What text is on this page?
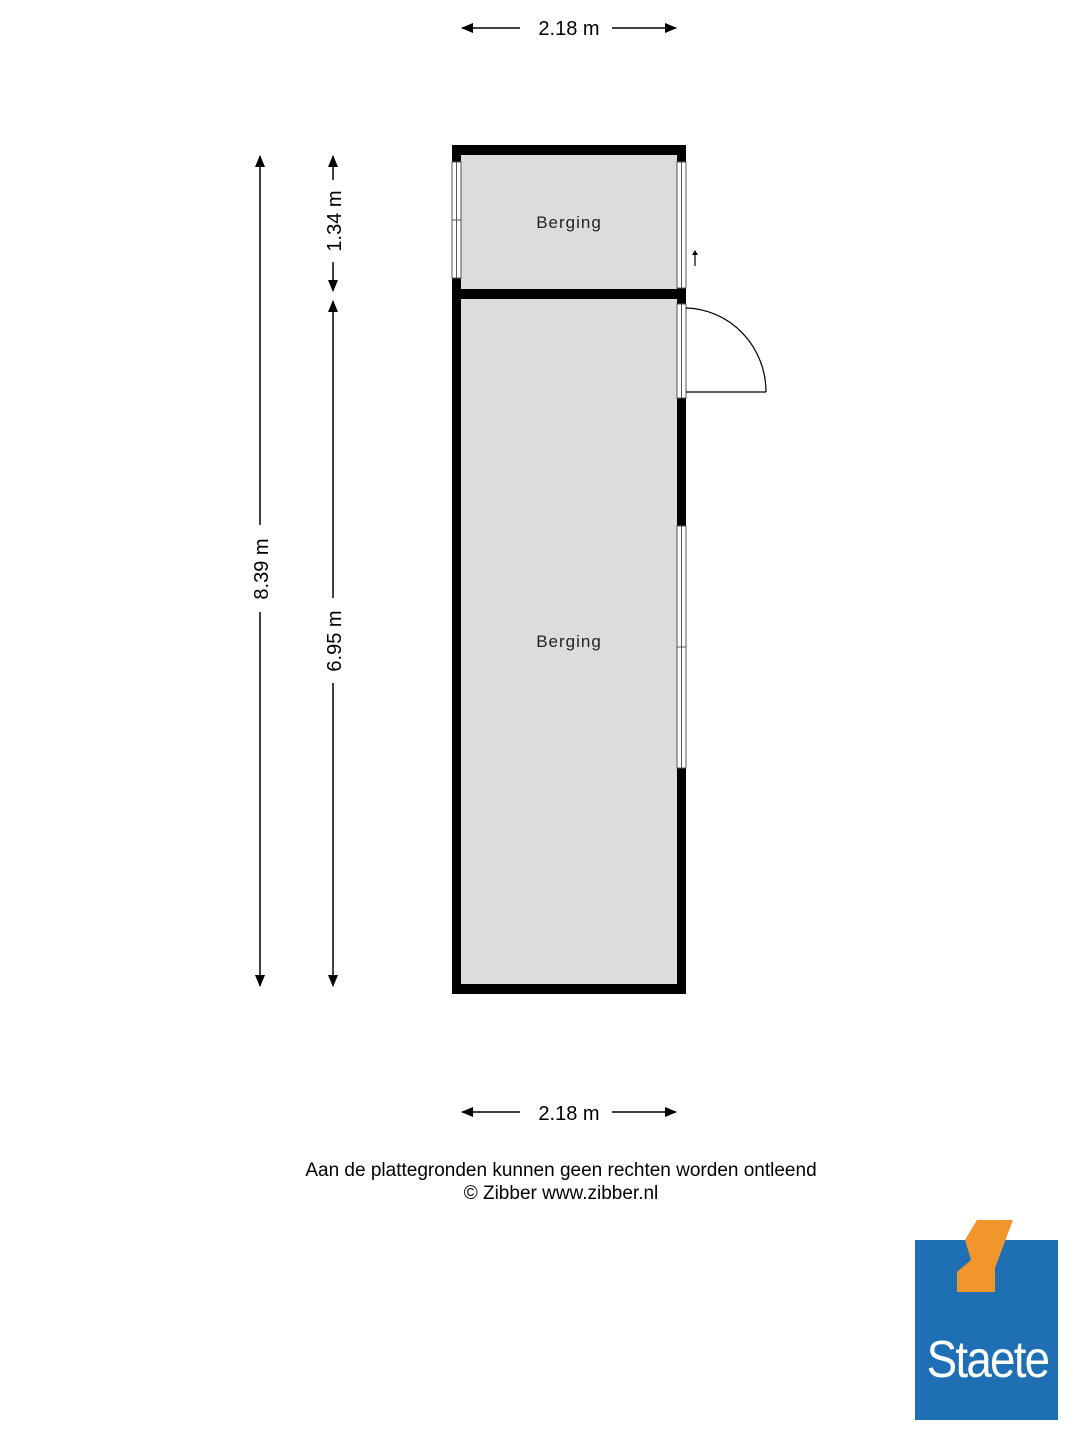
2.18 m
2.18 m
8.39 m
1.34 m
6.95 m
Berging
Berging
Aan de plattegronden kunnen geen rechten worden ontleend
© Zibber www.zibber.nl
Staete
